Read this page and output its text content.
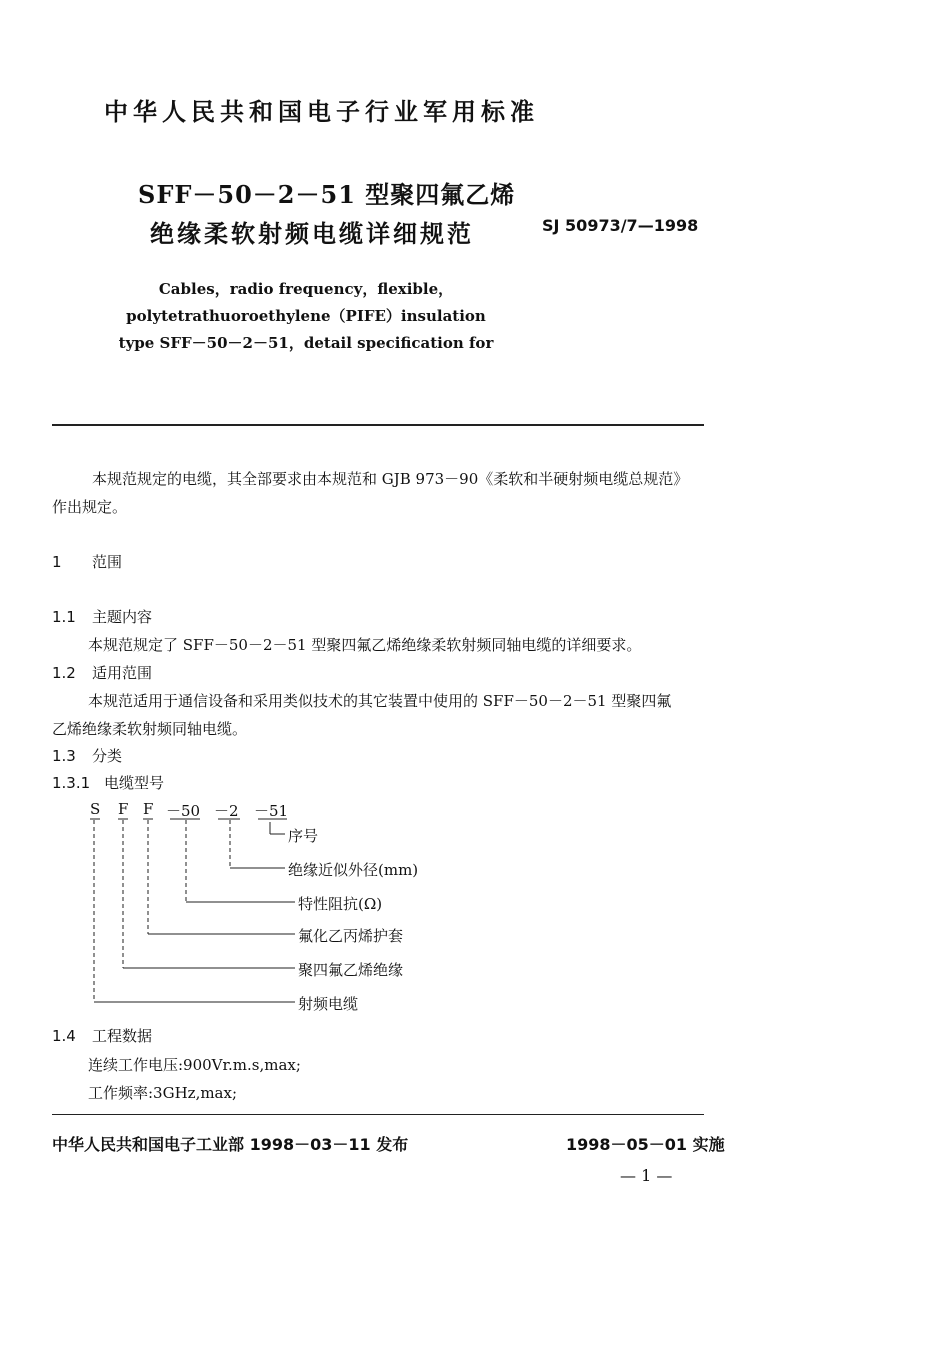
中华人民共和国电子行业军用标准
SFF－50－2－51 型聚四氟乙烯
绝缘柔软射频电缆详细规范	SJ 50973/7—1998
Cables，radio frequency，flexible，
polytetrathuoroethylene（PIFE）insulation
type SFF－50－2－51，detail specification for
本规范规定的电缆，其全部要求由本规范和 GJB 973－90《柔软和半硬射频电缆总规范》
作出规定。
1 范围
1.1 主题内容
本规范规定了 SFF－50－2－51 型聚四氟乙烯绝缘柔软射频同轴电缆的详细要求。
1.2 适用范围
本规范适用于通信设备和采用类似技术的其它装置中使用的 SFF－50－2－51 型聚四氟
乙烯绝缘柔软射频同轴电缆。
1.3 分类
1.3.1 电缆型号
S F F －50 －2 －51
序号
绝缘近似外径(mm)
特性阻抗(Ω)
氟化乙丙烯护套
聚四氟乙烯绝缘
射频电缆
1.4 工程数据
连续工作电压:900Vr.m.s,max;
工作频率:3GHz,max;
中华人民共和国电子工业部 1998－03－11 发布	1998－05－01 实施
— 1 —
